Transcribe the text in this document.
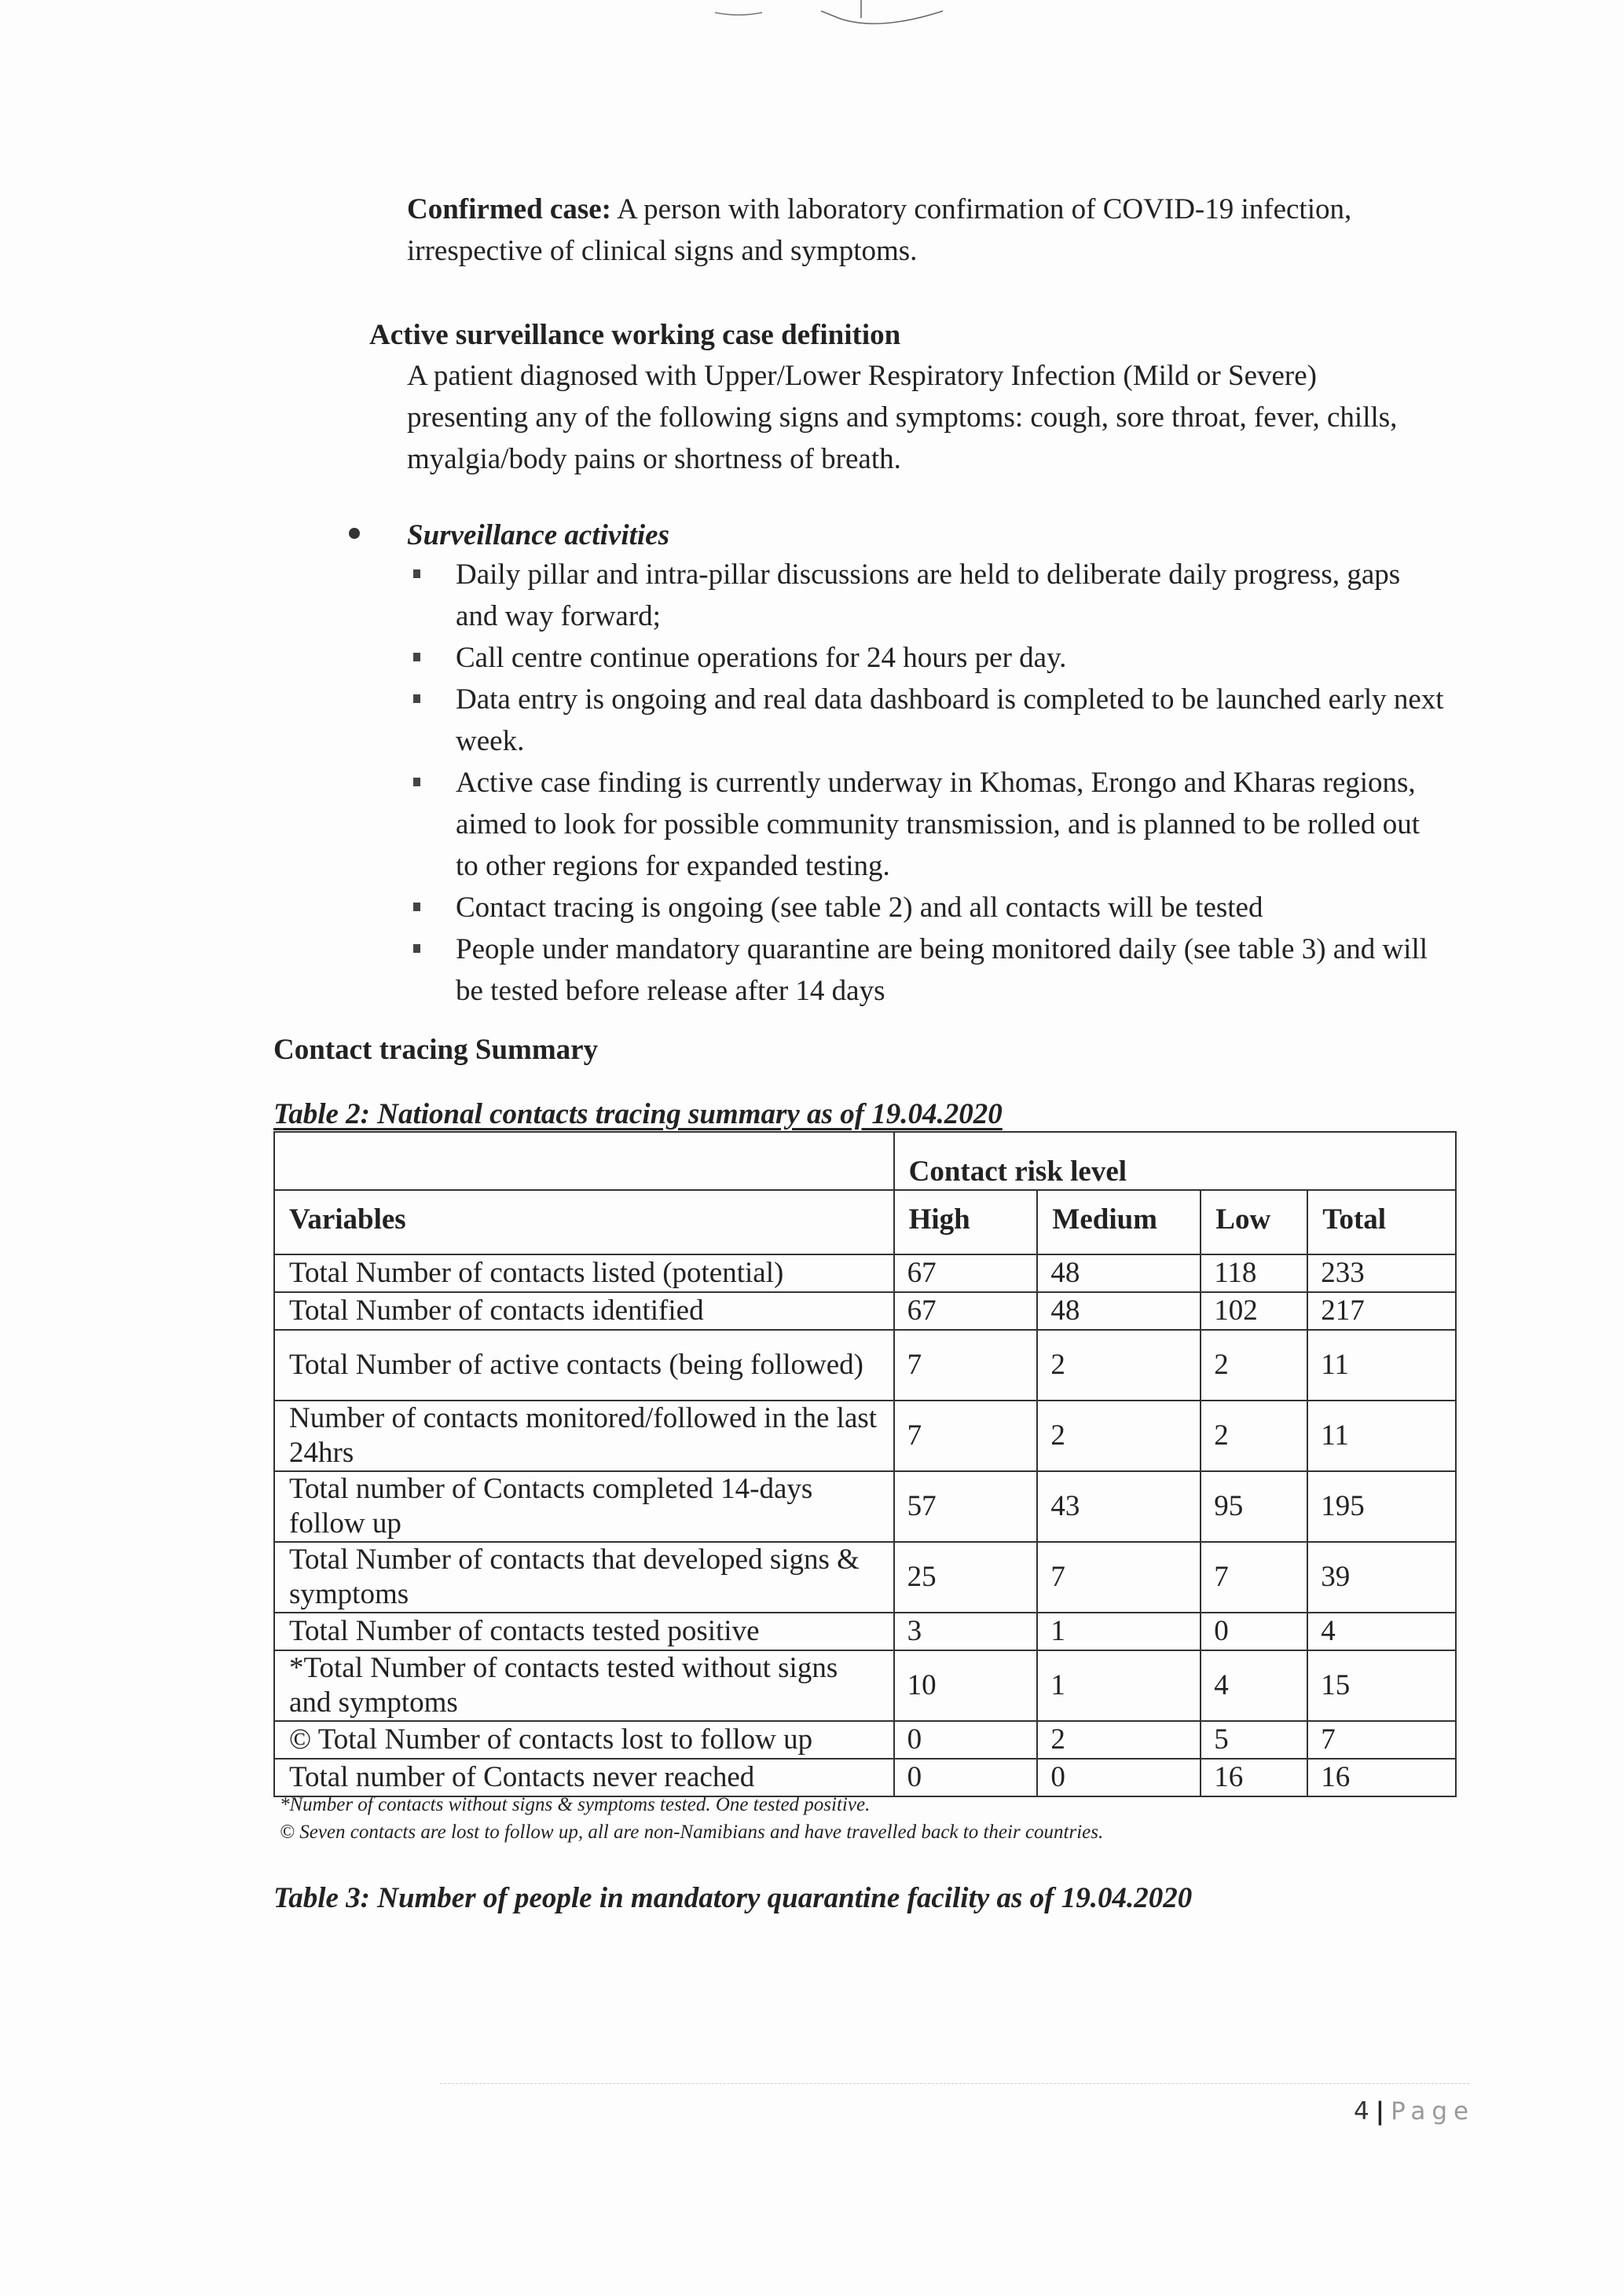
Confirmed case: A person with laboratory confirmation of COVID-19 infection, irrespective of clinical signs and symptoms.
Active surveillance working case definition
A patient diagnosed with Upper/Lower Respiratory Infection (Mild or Severe) presenting any of the following signs and symptoms: cough, sore throat, fever, chills, myalgia/body pains or shortness of breath.
Surveillance activities
Daily pillar and intra-pillar discussions are held to deliberate daily progress, gaps and way forward;
Call centre continue operations for 24 hours per day.
Data entry is ongoing and real data dashboard is completed to be launched early next week.
Active case finding is currently underway in Khomas, Erongo and Kharas regions, aimed to look for possible community transmission, and is planned to be rolled out to other regions for expanded testing.
Contact tracing is ongoing (see table 2) and all contacts will be tested
People under mandatory quarantine are being monitored daily (see table 3) and will be tested before release after 14 days
Contact tracing Summary
Table 2: National contacts tracing summary as of 19.04.2020
	Contact risk level			
Variables	High	Medium	Low	Total
Total Number of contacts listed (potential)	67	48	118	233
Total Number of contacts identified	67	48	102	217
Total Number of active contacts (being followed)	7	2	2	11
Number of contacts monitored/followed in the last 24hrs	7	2	2	11
Total number of Contacts completed 14-days follow up	57	43	95	195
Total Number of contacts that developed signs & symptoms	25	7	7	39
Total Number of contacts tested positive	3	1	0	4
*Total Number of contacts tested without signs and symptoms	10	1	4	15
© Total Number of contacts lost to follow up	0	2	5	7
Total number of Contacts never reached	0	0	16	16
*Number of contacts without signs & symptoms tested. One tested positive.
© Seven contacts are lost to follow up, all are non-Namibians and have travelled back to their countries.
Table 3: Number of people in mandatory quarantine facility as of 19.04.2020
4 | Page
